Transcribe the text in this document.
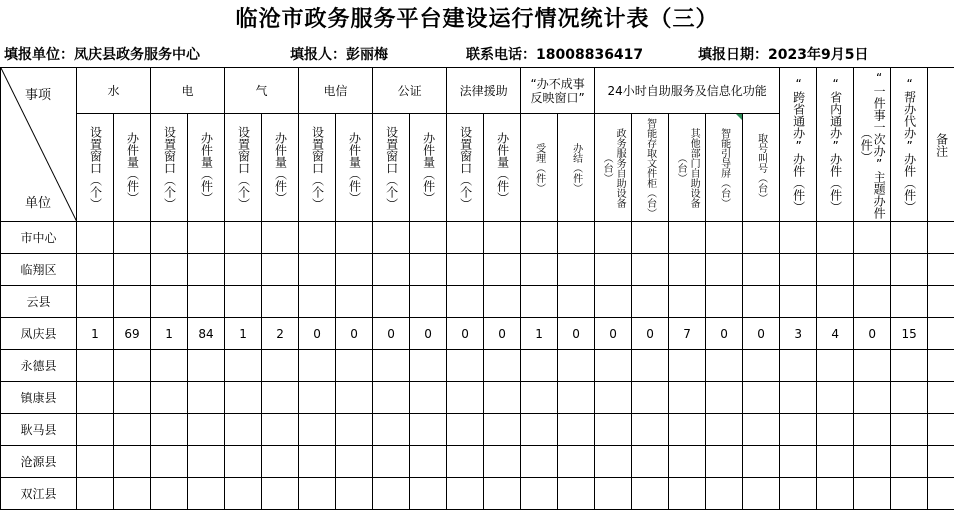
临沧市政务服务平台建设运行情况统计表（三）
填报单位：凤庆县政务服务中心	填报人：彭丽梅	联系电话：18008836417	填报日期：2023年9月5日
事项
单位	水		电		气		电信		公证		法律援助		“办不成事反映窗口”		24小时自助服务及信息化功能					“跨省通办”办件（件）	“省内通办”办件（件）	“一件事一次办”主题办件（件）	“帮办代办”办件（件）	备注

	设置窗口（个）	办件量（件）	设置窗口（个）	办件量（件）	设置窗口（个）	办件量（件）	设置窗口（个）	办件量（件）	设置窗口（个）	办件量（件）	设置窗口（个）	办件量（件）	受理（件）	办结（件）	政务服务自助设备（台）	智能存取文件柜（台）	其他部门自助设备（台）	智能引导屏（台）	取号叫号（台）					

市中心																								
临翔区																								
云县																								
凤庆县	1	69	1	84	1	2	0	0	0	0	0	0	1	0	0	0	7	0	0	3	4	0	15	
永德县																								
镇康县																								
耿马县																								
沧源县																								
双江县																								
